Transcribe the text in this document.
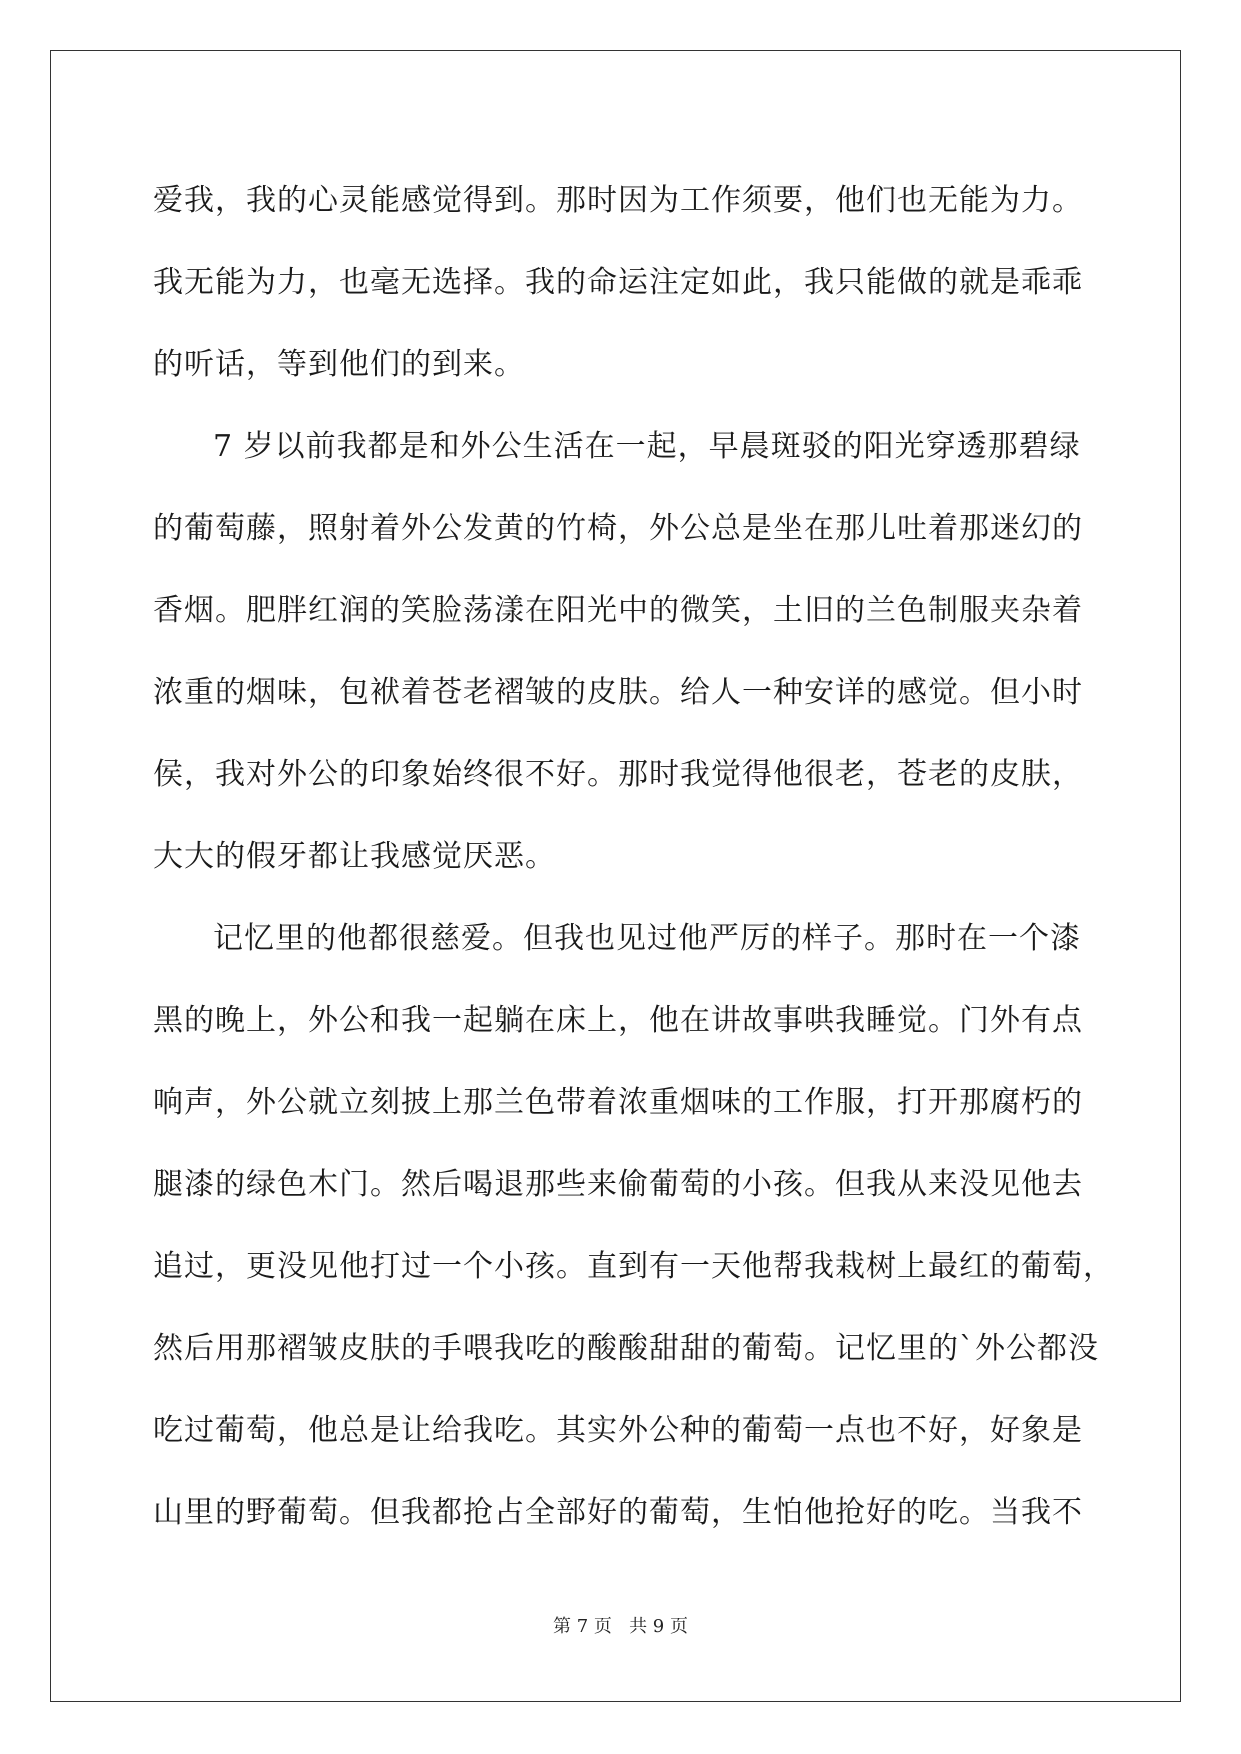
爱我，我的心灵能感觉得到。那时因为工作须要，他们也无能为力。
我无能为力，也毫无选择。我的命运注定如此，我只能做的就是乖乖
的听话，等到他们的到来。
7 岁以前我都是和外公生活在一起，早晨斑驳的阳光穿透那碧绿
的葡萄藤，照射着外公发黄的竹椅，外公总是坐在那儿吐着那迷幻的
香烟。肥胖红润的笑脸荡漾在阳光中的微笑，土旧的兰色制服夹杂着
浓重的烟味，包袱着苍老褶皱的皮肤。给人一种安详的感觉。但小时
侯，我对外公的印象始终很不好。那时我觉得他很老，苍老的皮肤，
大大的假牙都让我感觉厌恶。
记忆里的他都很慈爱。但我也见过他严厉的样子。那时在一个漆
黑的晚上，外公和我一起躺在床上，他在讲故事哄我睡觉。门外有点
响声，外公就立刻披上那兰色带着浓重烟味的工作服，打开那腐朽的
腿漆的绿色木门。然后喝退那些来偷葡萄的小孩。但我从来没见他去
追过，更没见他打过一个小孩。直到有一天他帮我栽树上最红的葡萄，
然后用那褶皱皮肤的手喂我吃的酸酸甜甜的葡萄。记忆里的`外公都没
吃过葡萄，他总是让给我吃。其实外公种的葡萄一点也不好，好象是
山里的野葡萄。但我都抢占全部好的葡萄，生怕他抢好的吃。当我不
第 7 页 共 9 页
